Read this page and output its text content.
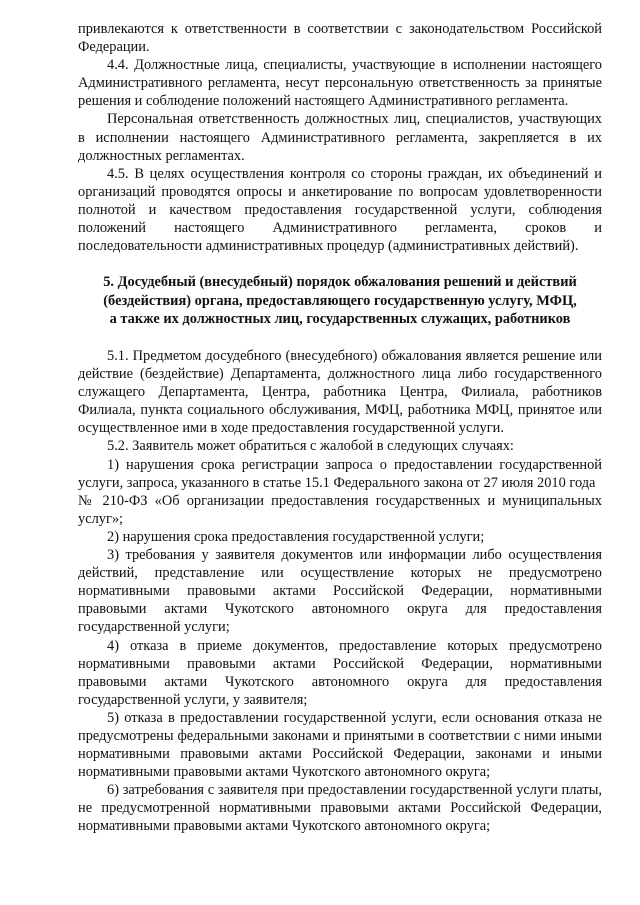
привлекаются к ответственности в соответствии с законодательством Российской Федерации.

4.4. Должностные лица, специалисты, участвующие в исполнении настоящего Административного регламента, несут персональную ответственность за принятые решения и соблюдение положений настоящего Административного регламента.

Персональная ответственность должностных лиц, специалистов, участвующих в исполнении настоящего Административного регламента, закрепляется в их должностных регламентах.

4.5. В целях осуществления контроля со стороны граждан, их объединений и организаций проводятся опросы и анкетирование по вопросам удовлетворенности полнотой и качеством предоставления государственной услуги, соблюдения положений настоящего Административного регламента, сроков и последовательности административных процедур (административных действий).

5. Досудебный (внесудебный) порядок обжалования решений и действий

(бездействия) органа, предоставляющего государственную услугу, МФЦ,

а также их должностных лиц, государственных служащих, работников

5.1. Предметом досудебного (внесудебного) обжалования является решение или действие (бездействие) Департамента, должностного лица либо государственного служащего Департамента, Центра, работника Центра, Филиала, работников Филиала, пункта социального обслуживания, МФЦ, работника МФЦ, принятое или осуществленное ими в ходе предоставления государственной услуги.

5.2. Заявитель может обратиться с жалобой в следующих случаях:

1) нарушения срока регистрации запроса о предоставлении государственной услуги, запроса, указанного в статье 15.1 Федерального закона от 27 июля 2010 года

№ 210-ФЗ «Об организации предоставления государственных и муниципальных услуг»;

2) нарушения срока предоставления государственной услуги;

3) требования у заявителя документов или информации либо осуществления действий, представление или осуществление которых не предусмотрено нормативными правовыми актами Российской Федерации, нормативными правовыми актами Чукотского автономного округа для предоставления государственной услуги;

4) отказа в приеме документов, предоставление которых предусмотрено нормативными правовыми актами Российской Федерации, нормативными правовыми актами Чукотского автономного округа для предоставления государственной услуги, у заявителя;

5) отказа в предоставлении государственной услуги, если основания отказа не предусмотрены федеральными законами и принятыми в соответствии с ними иными нормативными правовыми актами Российской Федерации, законами и иными нормативными правовыми актами Чукотского автономного округа;

6) затребования с заявителя при предоставлении государственной услуги платы, не предусмотренной нормативными правовыми актами Российской Федерации, нормативными правовыми актами Чукотского автономного округа;
